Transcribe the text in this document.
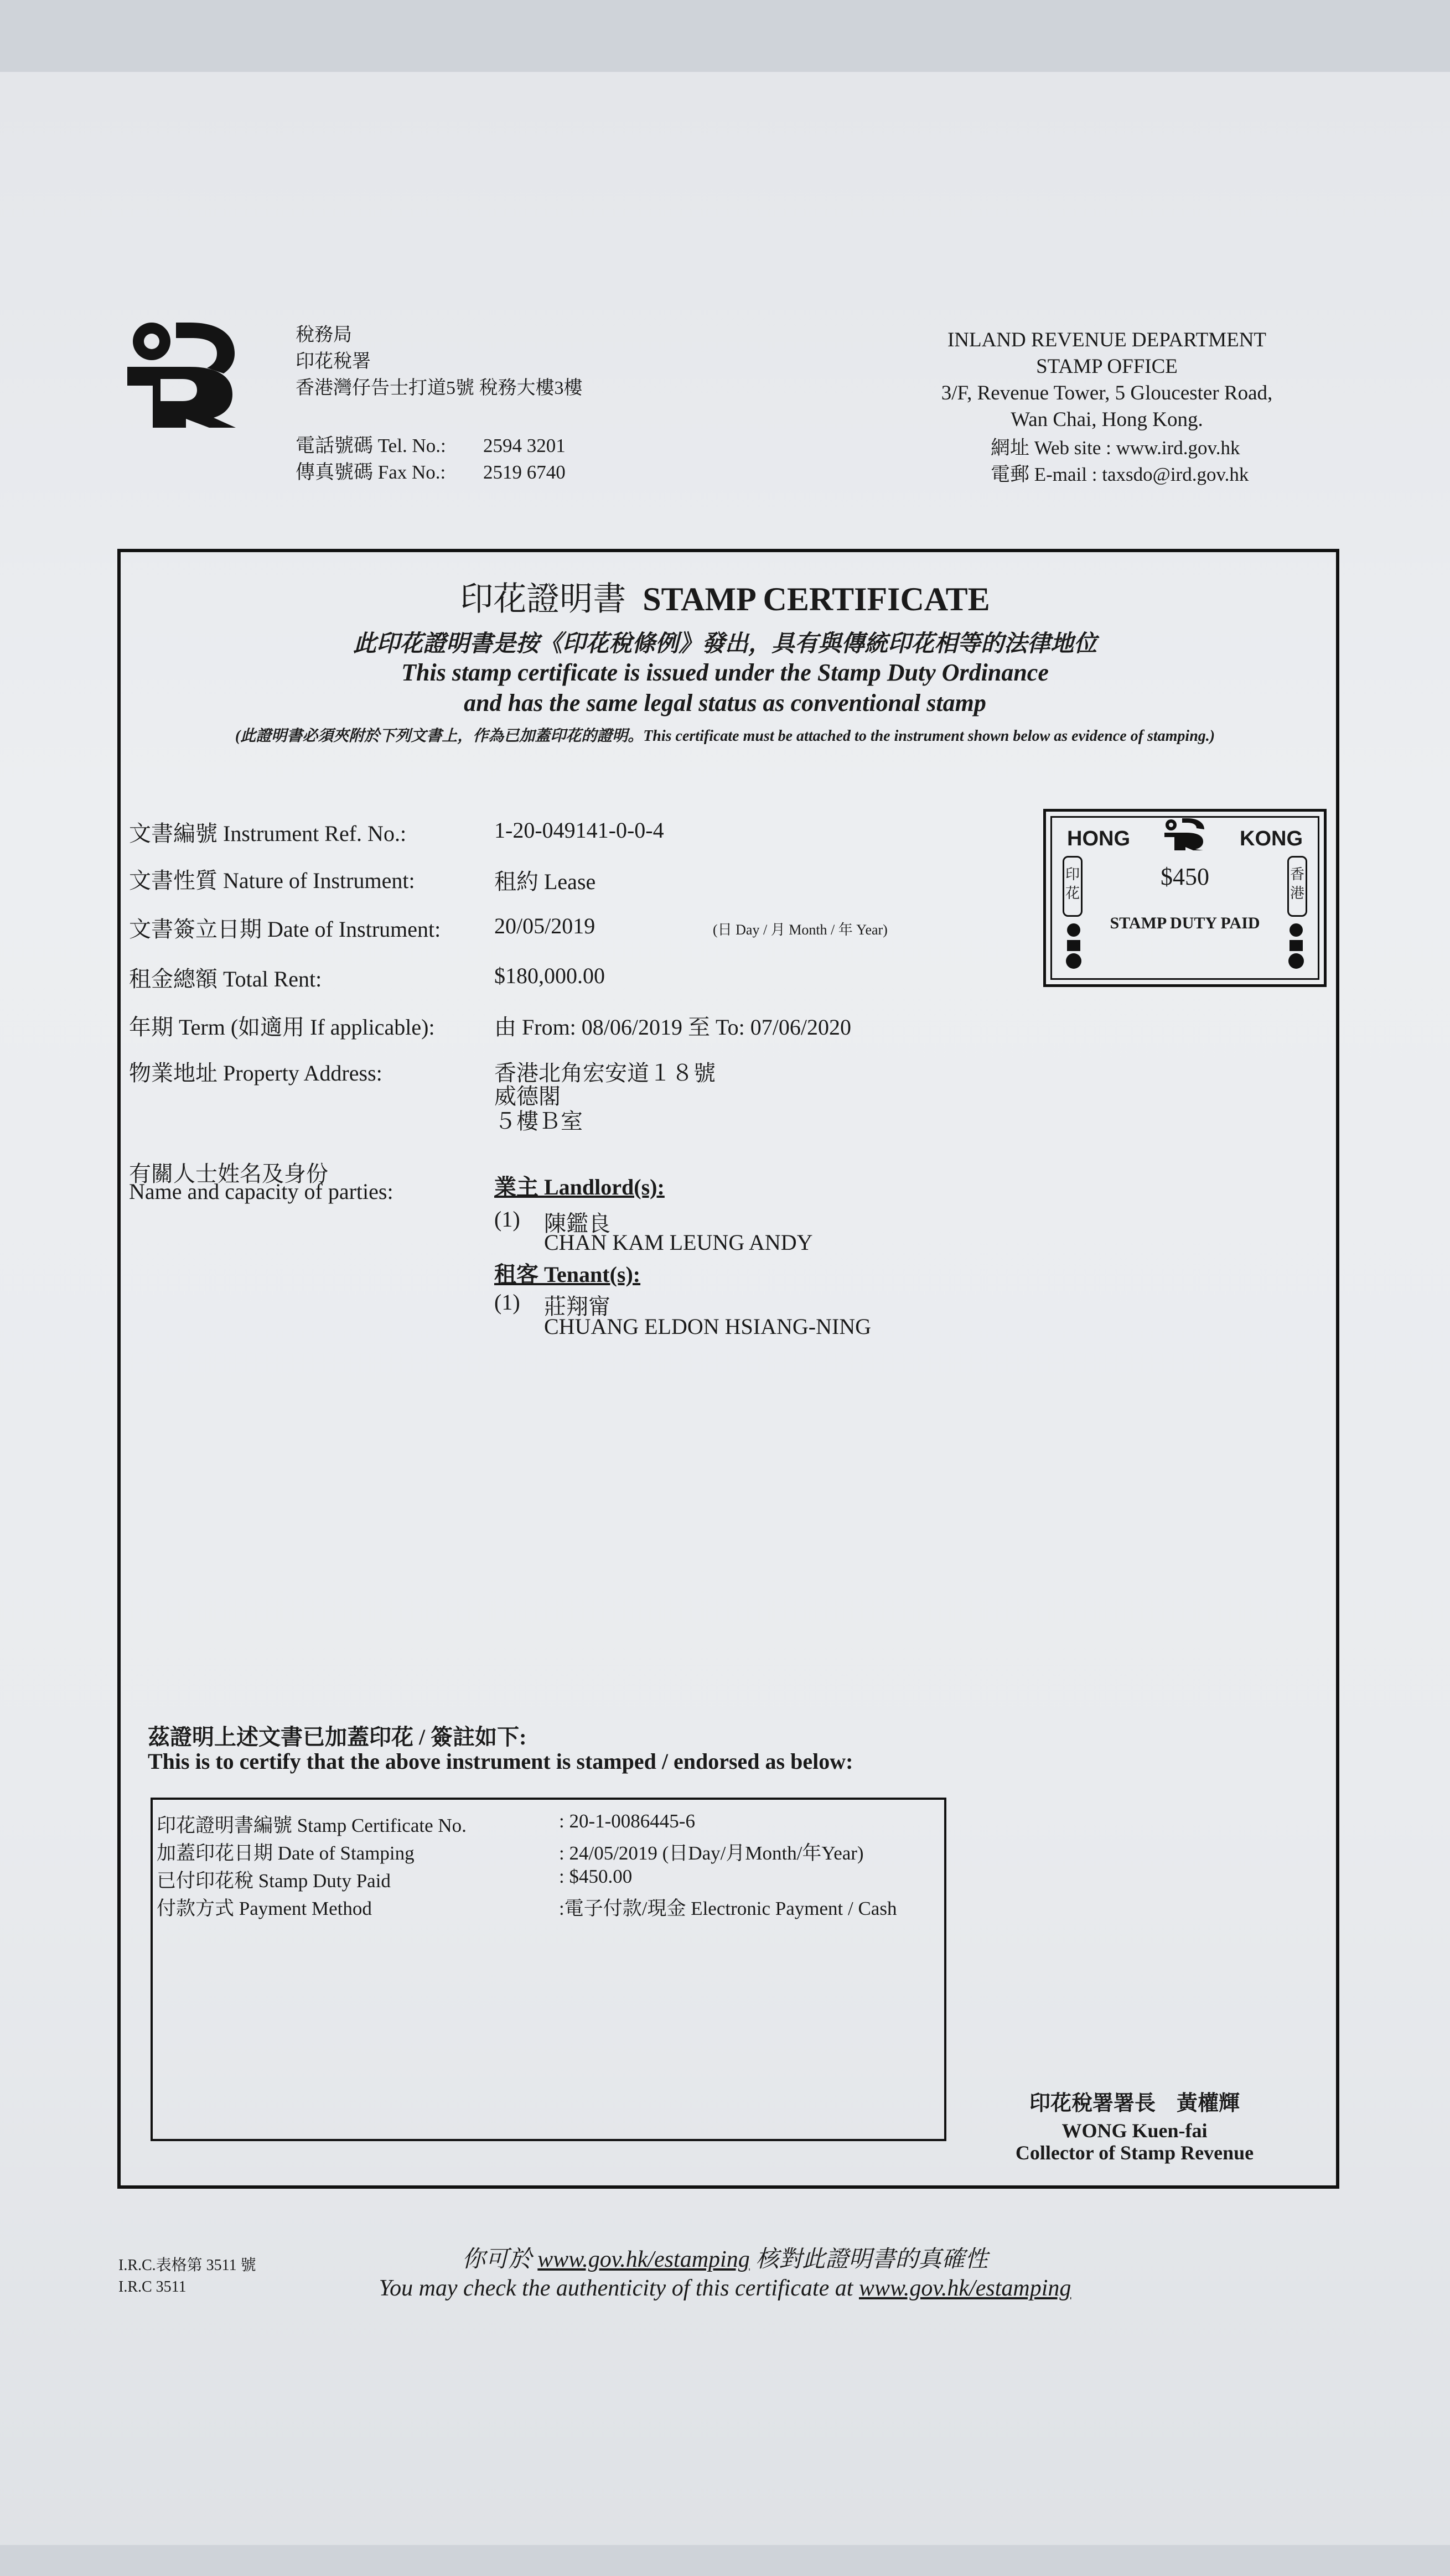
稅務局
印花稅署
香港灣仔告士打道5號 稅務大樓3樓
電話號碼 Tel. No.: 2594 3201
傳真號碼 Fax No.: 2519 6740
INLAND REVENUE DEPARTMENT
STAMP OFFICE
3/F, Revenue Tower, 5 Gloucester Road,
Wan Chai, Hong Kong.
網址 Web site : www.ird.gov.hk
電郵 E-mail : taxsdo@ird.gov.hk
印花證明書 STAMP CERTIFICATE
此印花證明書是按《印花稅條例》發出，具有與傳統印花相等的法律地位
This stamp certificate is issued under the Stamp Duty Ordinance
and has the same legal status as conventional stamp
(此證明書必須夾附於下列文書上，作為已加蓋印花的證明。This certificate must be attached to the instrument shown below as evidence of stamping.)
文書編號 Instrument Ref. No.:	1-20-049141-0-0-4
文書性質 Nature of Instrument:	租約 Lease
文書簽立日期 Date of Instrument: 20/05/2019	(日 Day / 月 Month / 年 Year)
租金總額 Total Rent:	$180,000.00
年期 Term (如適用 If applicable):	由 From: 08/06/2019 至 To: 07/06/2020
物業地址 Property Address:	香港北角宏安道１８號
威德閣
５樓Ｂ室
有關人士姓名及身份
Name and capacity of parties:	業主 Landlord(s):
(1) 陳鑑良
CHAN KAM LEUNG ANDY
租客 Tenant(s):
(1) 莊翔甯
CHUANG ELDON HSIANG-NING
HONG	KONG
$450
STAMP DUTY PAID
印花
香港
茲證明上述文書已加蓋印花 / 簽註如下:
This is to certify that the above instrument is stamped / endorsed as below:
印花證明書編號 Stamp Certificate No.	: 20-1-0086445-6
加蓋印花日期 Date of Stamping	: 24/05/2019 (日Day/月Month/年Year)
已付印花稅 Stamp Duty Paid	: $450.00
付款方式 Payment Method	:電子付款/現金 Electronic Payment / Cash
印花稅署署長　黃權輝
WONG Kuen-fai
Collector of Stamp Revenue
I.R.C.表格第 3511 號
I.R.C 3511
你可於 www.gov.hk/estamping 核對此證明書的真確性
You may check the authenticity of this certificate at www.gov.hk/estamping
